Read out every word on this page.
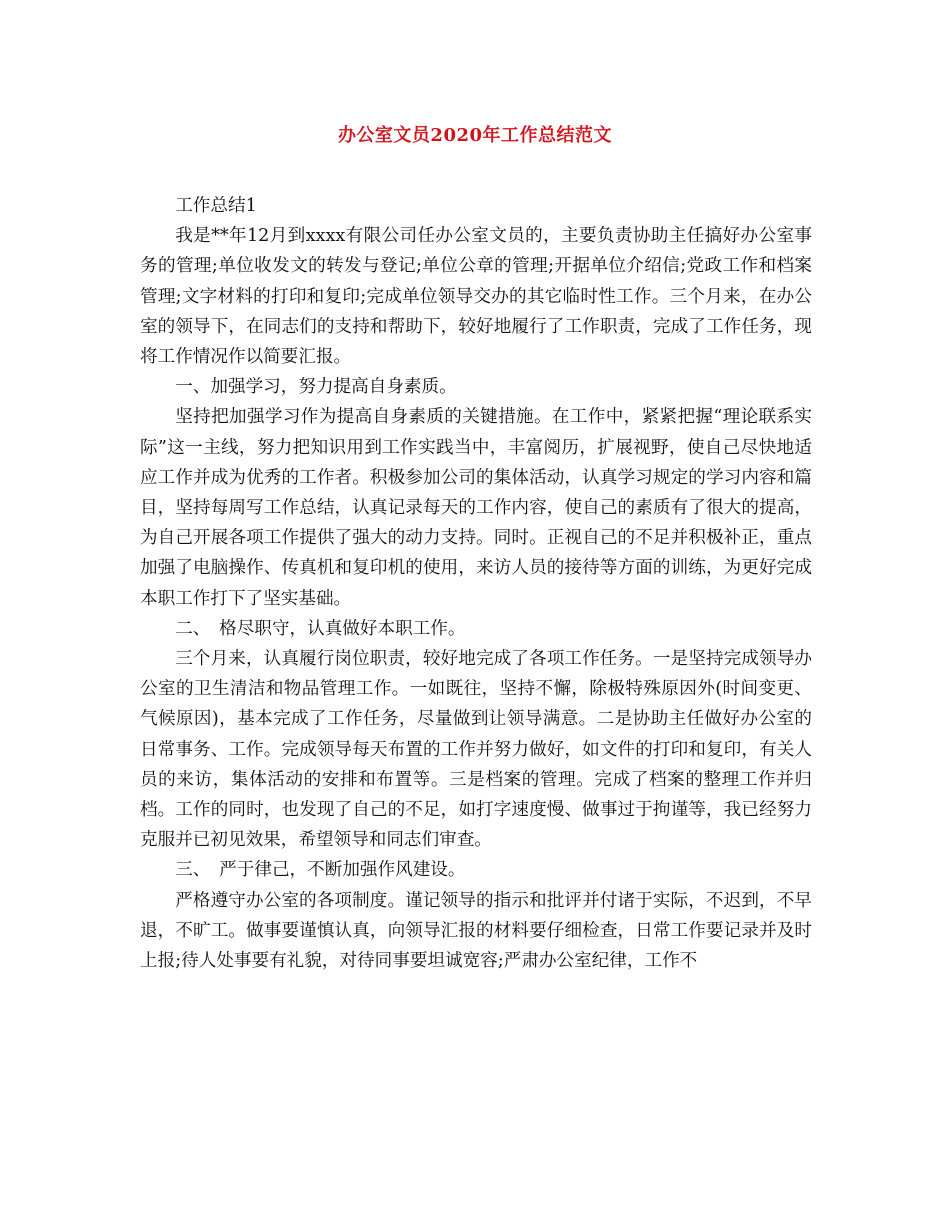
办公室文员2020年工作总结范文

工作总结1

我是**年12月到xxxx有限公司任办公室文员的，主要负责协助主任搞好办公室事务的管理;单位收发文的转发与登记;单位公章的管理;开据单位介绍信;党政工作和档案管理;文字材料的打印和复印;完成单位领导交办的其它临时性工作。三个月来，在办公室的领导下，在同志们的支持和帮助下，较好地履行了工作职责，完成了工作任务，现将工作情况作以简要汇报。

一、加强学习，努力提高自身素质。

坚持把加强学习作为提高自身素质的关键措施。在工作中，紧紧把握“理论联系实际”这一主线，努力把知识用到工作实践当中，丰富阅历，扩展视野，使自己尽快地适应工作并成为优秀的工作者。积极参加公司的集体活动，认真学习规定的学习内容和篇目，坚持每周写工作总结，认真记录每天的工作内容，使自己的素质有了很大的提高，为自己开展各项工作提供了强大的动力支持。同时。正视自己的不足并积极补正，重点加强了电脑操作、传真机和复印机的使用，来访人员的接待等方面的训练，为更好完成本职工作打下了坚实基础。

二、　格尽职守，认真做好本职工作。

三个月来，认真履行岗位职责，较好地完成了各项工作任务。一是坚持完成领导办公室的卫生清洁和物品管理工作。一如既往，坚持不懈，除极特殊原因外(时间变更、气候原因)，基本完成了工作任务，尽量做到让领导满意。二是协助主任做好办公室的日常事务、工作。完成领导每天布置的工作并努力做好，如文件的打印和复印，有关人员的来访，集体活动的安排和布置等。三是档案的管理。完成了档案的整理工作并归档。工作的同时，也发现了自己的不足，如打字速度慢、做事过于拘谨等，我已经努力克服并已初见效果，希望领导和同志们审查。

三、　严于律己，不断加强作风建设。

严格遵守办公室的各项制度。谨记领导的指示和批评并付诸于实际，不迟到，不早退，不旷工。做事要谨慎认真，向领导汇报的材料要仔细检查，日常工作要记录并及时上报;待人处事要有礼貌，对待同事要坦诚宽容;严肃办公室纪律，工作不
